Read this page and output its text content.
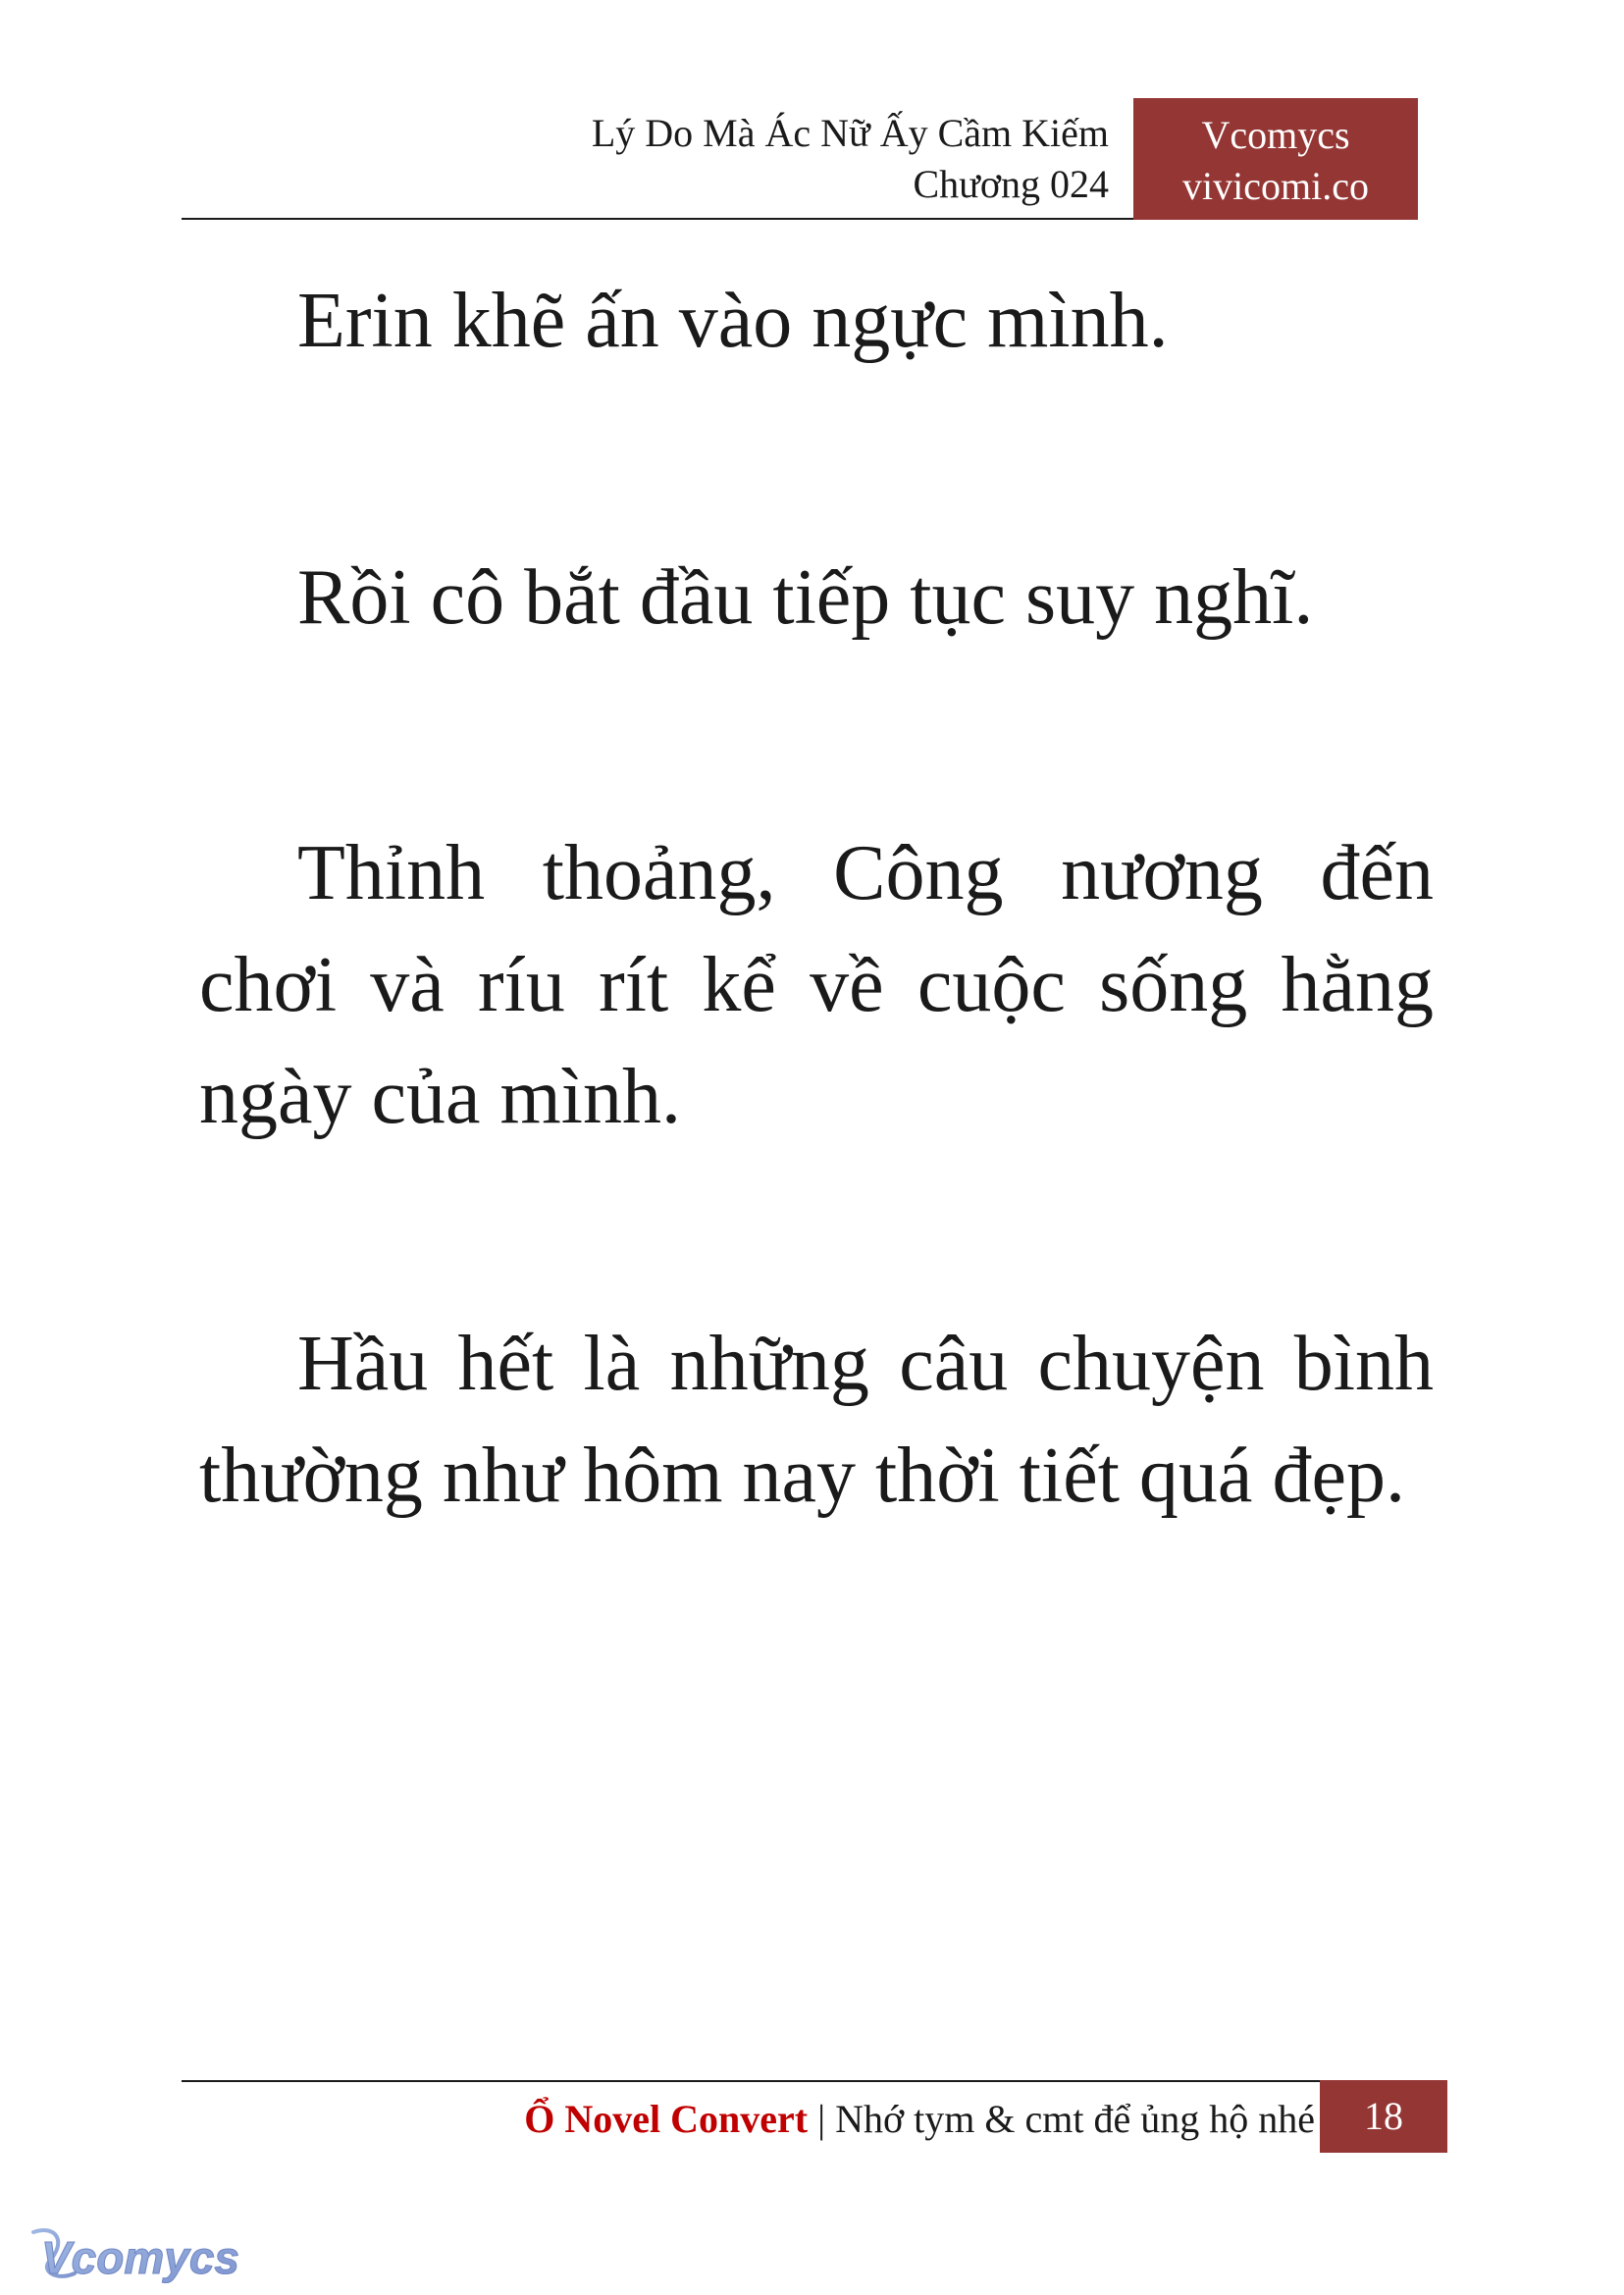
Lý Do Mà Ác Nữ Ấy Cầm Kiếm
Chương 024
Vcomycs
vivicomi.co

Erin khẽ ấn vào ngực mình.

Rồi cô bắt đầu tiếp tục suy nghĩ.

Thỉnh thoảng, Công nương đến chơi và ríu rít kể về cuộc sống hằng ngày của mình.

Hầu hết là những câu chuyện bình thường như hôm nay thời tiết quá đẹp.

Ổ Novel Convert | Nhớ tym & cmt để ủng hộ nhé	18
Vcomycs
